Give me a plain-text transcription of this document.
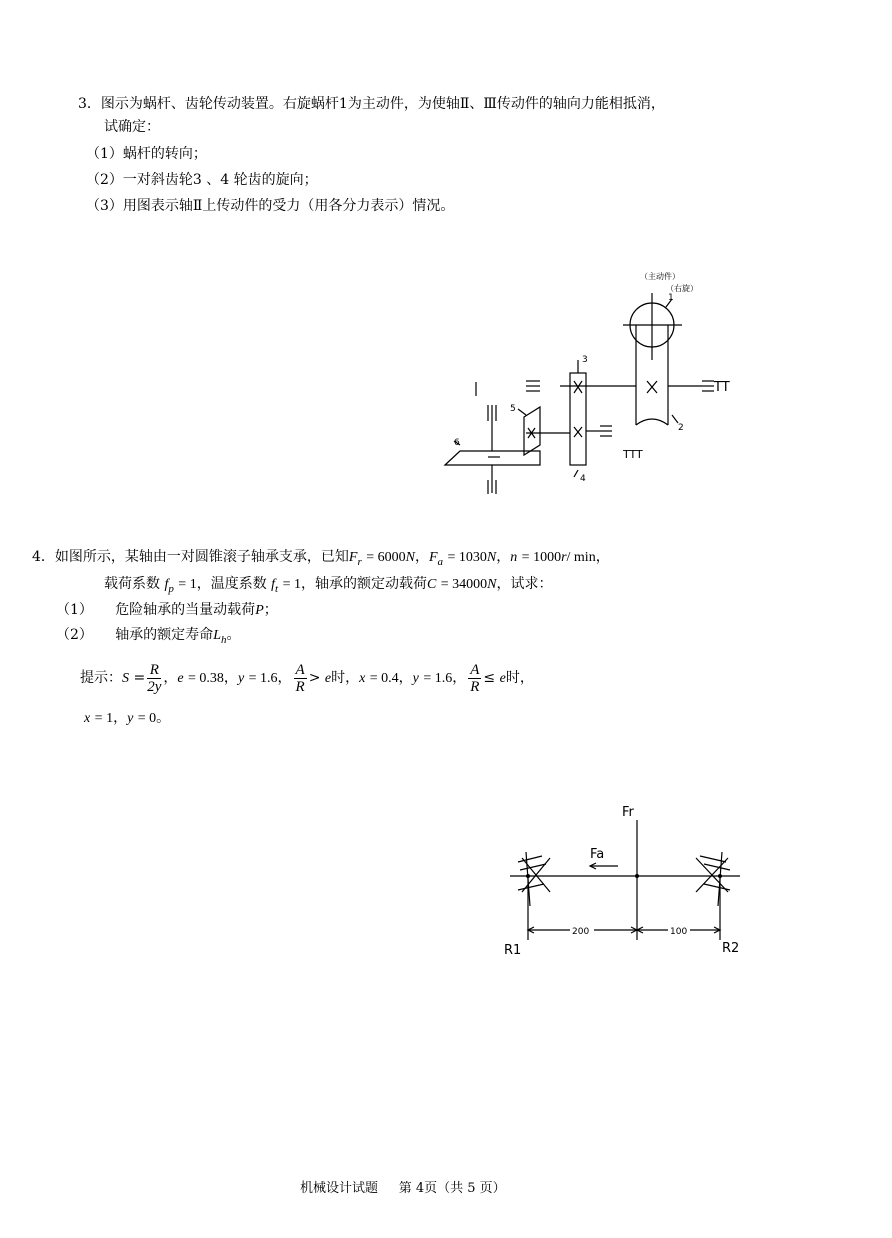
3．图示为蜗杆、齿轮传动装置。右旋蜗杆1为主动件，为使轴Ⅱ、Ⅲ传动件的轴向力能相抵消，
试确定：
（1）蜗杆的转向；
（2）一对斜齿轮3 、4 轮齿的旋向；
（3）用图表示轴Ⅱ上传动件的受力（用各分力表示）情况。
（主动件）
（右旋）
1
2
3
4
5
6
TT
TTT
4．如图所示，某轴由一对圆锥滚子轴承支承，已知$F_r = 6000N$，$F_a = 1030N$，n = 1000r/ min，
载荷系数 $f_p = 1$，温度系数 $f_t = 1$，轴承的额定动载荷C = 34000N，试求：
（1） 危险轴承的当量动载荷P；
（2） 轴承的额定寿命$L_h$。
提示：$S = \frac{R}{2y}$ ，e = 0.38，y = 1.6， $\frac{A}{R} > e$时，x = 0.4，y = 1.6， $\frac{A}{R} \le e$时，
x = 1，y = 0。
Fr
Fa
200	100
R1	R2
机械设计试题 第 4页（共 5 页）
